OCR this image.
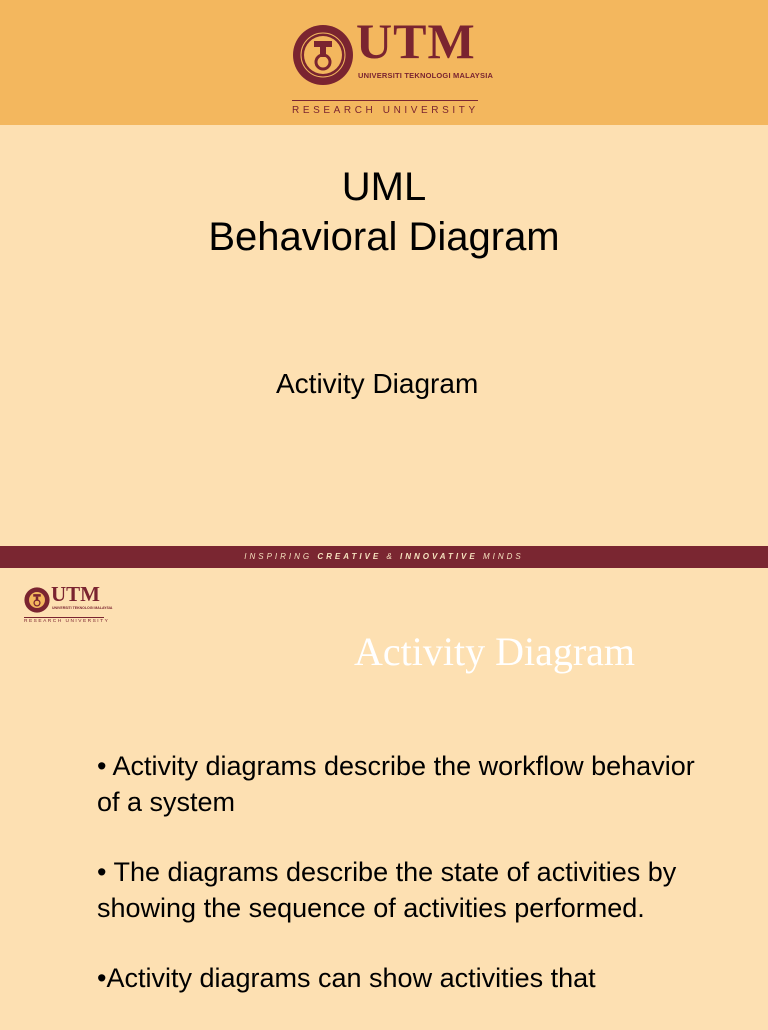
UTM
UNIVERSITI TEKNOLOGI MALAYSIA
RESEARCH UNIVERSITY
UML
Behavioral Diagram
Activity Diagram
INSPIRING CREATIVE & INNOVATIVE MINDS
UTM
UNIVERSITI TEKNOLOGI MALAYSIA
RESEARCH UNIVERSITY
Activity Diagram

• Activity diagrams describe the workflow behavior of a system

• The diagrams describe the state of activities by showing the sequence of activities performed.

•Activity diagrams can show activities that
